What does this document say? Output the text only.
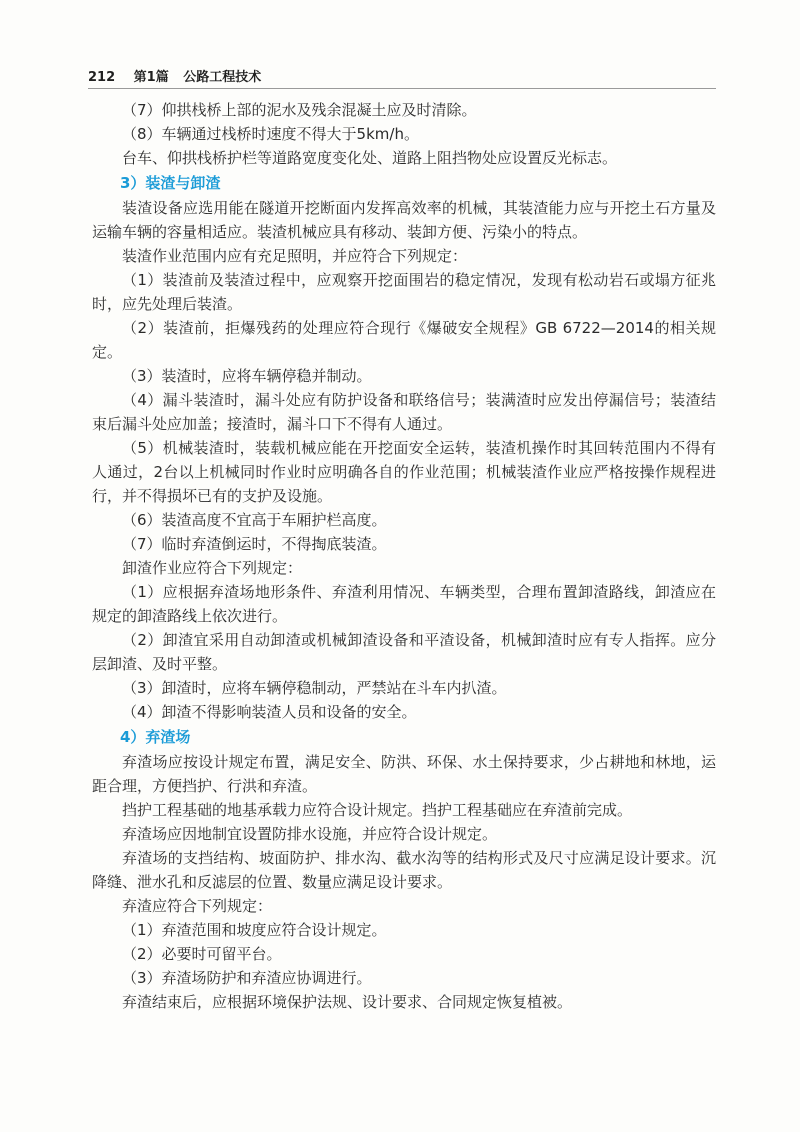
212 第1篇 公路工程技术

（7）仰拱栈桥上部的泥水及残余混凝土应及时清除。

（8）车辆通过栈桥时速度不得大于5km/h。

台车、仰拱栈桥护栏等道路宽度变化处、道路上阻挡物处应设置反光标志。

3）装渣与卸渣

装渣设备应选用能在隧道开挖断面内发挥高效率的机械，其装渣能力应与开挖土石方量及运输车辆的容量相适应。装渣机械应具有移动、装卸方便、污染小的特点。

装渣作业范围内应有充足照明，并应符合下列规定：

（1）装渣前及装渣过程中，应观察开挖面围岩的稳定情况，发现有松动岩石或塌方征兆时，应先处理后装渣。

（2）装渣前，拒爆残药的处理应符合现行《爆破安全规程》GB 6722—2014的相关规定。

（3）装渣时，应将车辆停稳并制动。

（4）漏斗装渣时，漏斗处应有防护设备和联络信号；装满渣时应发出停漏信号；装渣结束后漏斗处应加盖；接渣时，漏斗口下不得有人通过。

（5）机械装渣时，装载机械应能在开挖面安全运转，装渣机操作时其回转范围内不得有人通过，2台以上机械同时作业时应明确各自的作业范围；机械装渣作业应严格按操作规程进行，并不得损坏已有的支护及设施。

（6）装渣高度不宜高于车厢护栏高度。

（7）临时弃渣倒运时，不得掏底装渣。

卸渣作业应符合下列规定：

（1）应根据弃渣场地形条件、弃渣利用情况、车辆类型，合理布置卸渣路线，卸渣应在规定的卸渣路线上依次进行。

（2）卸渣宜采用自动卸渣或机械卸渣设备和平渣设备，机械卸渣时应有专人指挥。应分层卸渣、及时平整。

（3）卸渣时，应将车辆停稳制动，严禁站在斗车内扒渣。

（4）卸渣不得影响装渣人员和设备的安全。

4）弃渣场

弃渣场应按设计规定布置，满足安全、防洪、环保、水土保持要求，少占耕地和林地，运距合理，方便挡护、行洪和弃渣。

挡护工程基础的地基承载力应符合设计规定。挡护工程基础应在弃渣前完成。

弃渣场应因地制宜设置防排水设施，并应符合设计规定。

弃渣场的支挡结构、坡面防护、排水沟、截水沟等的结构形式及尺寸应满足设计要求。沉降缝、泄水孔和反滤层的位置、数量应满足设计要求。

弃渣应符合下列规定：

（1）弃渣范围和坡度应符合设计规定。

（2）必要时可留平台。

（3）弃渣场防护和弃渣应协调进行。

弃渣结束后，应根据环境保护法规、设计要求、合同规定恢复植被。
